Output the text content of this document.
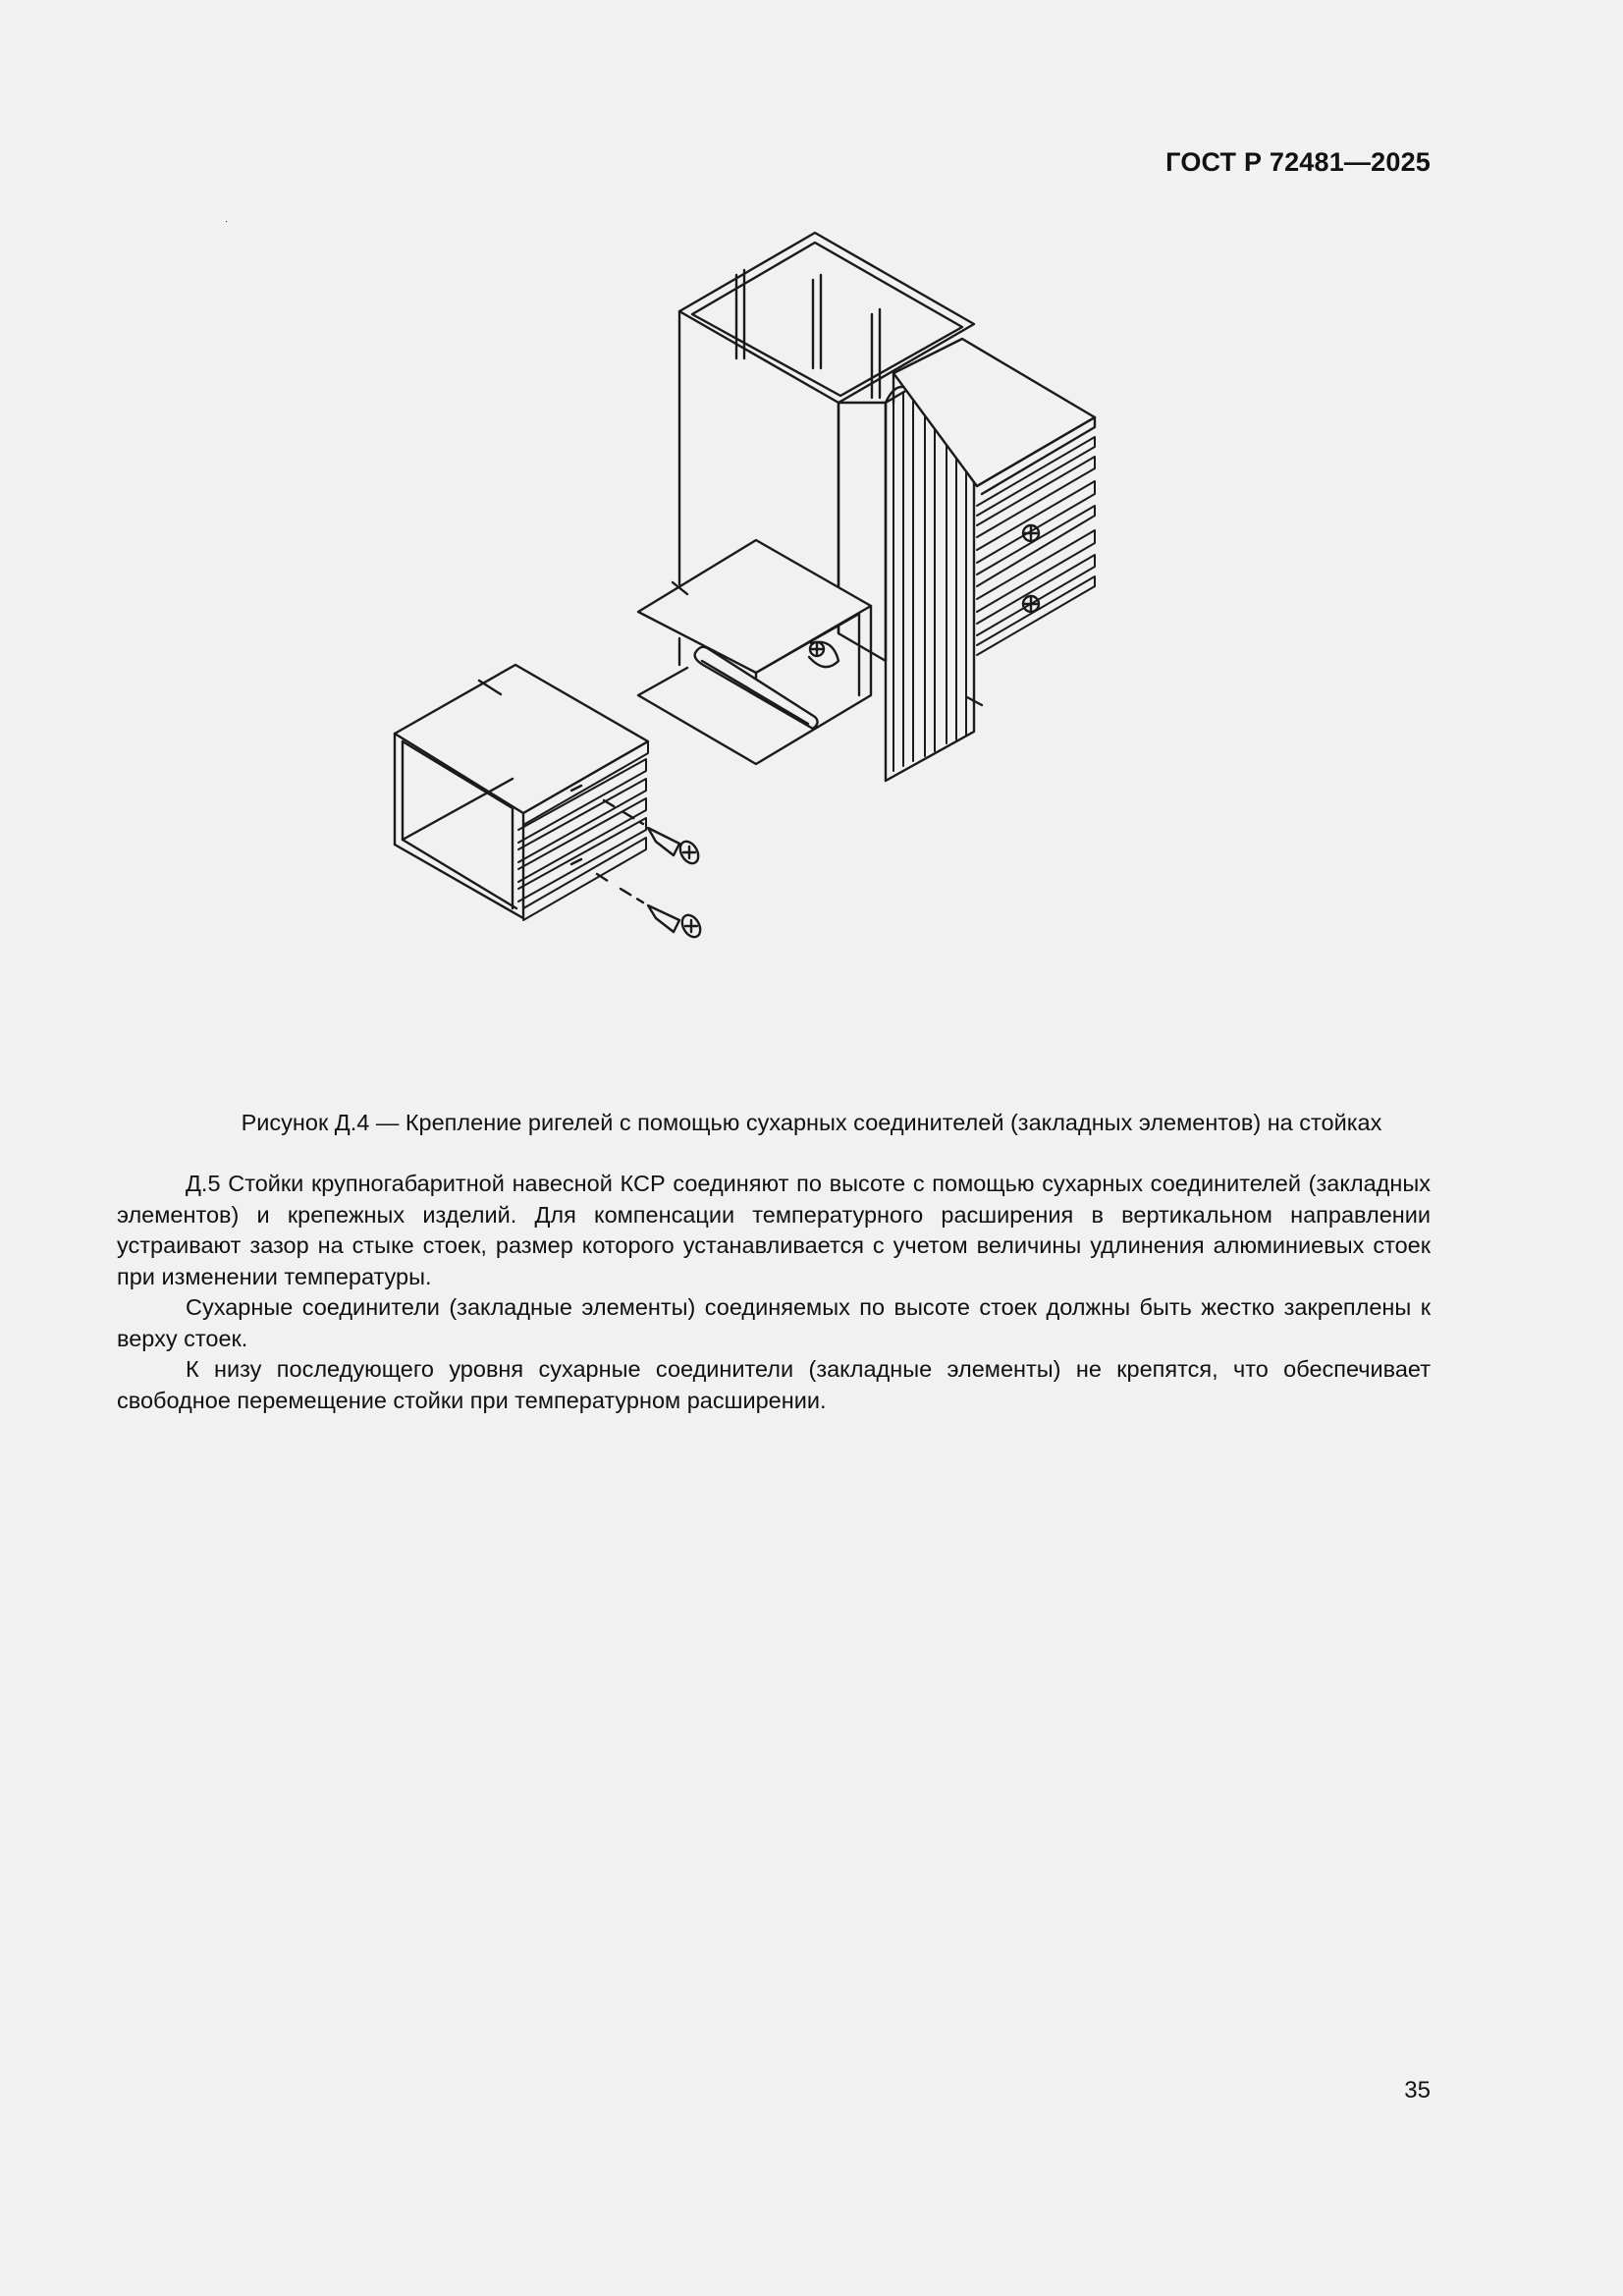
ГОСТ Р 72481—2025
Рисунок Д.4 — Крепление ригелей с помощью сухарных соединителей (закладных элементов) на стойках

Д.5 Стойки крупногабаритной навесной КСР соединяют по высоте с помощью сухарных соединителей (закладных элементов) и крепежных изделий. Для компенсации температурного расширения в вертикальном направлении устраивают зазор на стыке стоек, размер которого устанавливается с учетом величины удлинения алюминиевых стоек при изменении температуры.

Сухарные соединители (закладные элементы) соединяемых по высоте стоек должны быть жестко закреплены к верху стоек.

К низу последующего уровня сухарные соединители (закладные элементы) не крепятся, что обеспечивает свободное перемещение стойки при температурном расширении.

35
